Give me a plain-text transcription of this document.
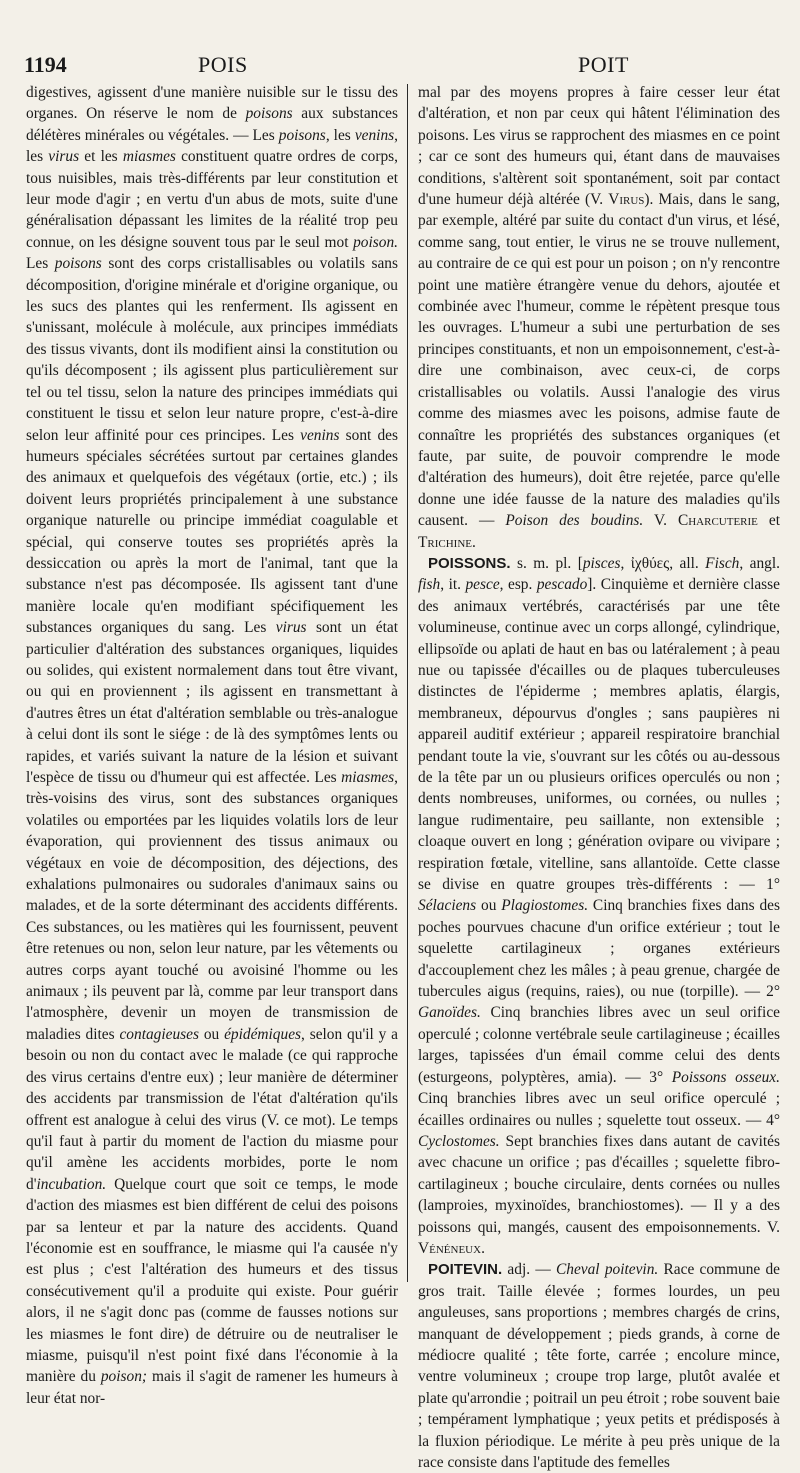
1194	POIS	POIT

digestives, agissent d'une manière nuisible sur le tissu des organes. On réserve le nom de poisons aux substances délétères minérales ou végétales. — Les poisons, les venins, les virus et les miasmes constituent quatre ordres de corps, tous nuisibles, mais très-différents par leur constitution et leur mode d'agir ; en vertu d'un abus de mots, suite d'une généralisation dépassant les limites de la réalité trop peu connue, on les désigne souvent tous par le seul mot poison. Les poisons sont des corps cristallisables ou volatils sans décomposition, d'origine minérale et d'origine organique, ou les sucs des plantes qui les renferment. Ils agissent en s'unissant, molécule à molécule, aux principes immédiats des tissus vivants, dont ils modifient ainsi la constitution ou qu'ils décomposent ; ils agissent plus particulièrement sur tel ou tel tissu, selon la nature des principes immédiats qui constituent le tissu et selon leur nature propre, c'est-à-dire selon leur affinité pour ces principes. Les venins sont des humeurs spéciales sécrétées surtout par certaines glandes des animaux et quelquefois des végétaux (ortie, etc.) ; ils doivent leurs propriétés principalement à une substance organique naturelle ou principe immédiat coagulable et spécial, qui conserve toutes ses propriétés après la dessiccation ou après la mort de l'animal, tant que la substance n'est pas décomposée. Ils agissent tant d'une manière locale qu'en modifiant spécifiquement les substances organiques du sang. Les virus sont un état particulier d'altération des substances organiques, liquides ou solides, qui existent normalement dans tout être vivant, ou qui en proviennent ; ils agissent en transmettant à d'autres êtres un état d'altération semblable ou très-analogue à celui dont ils sont le siége : de là des symptômes lents ou rapides, et variés suivant la nature de la lésion et suivant l'espèce de tissu ou d'humeur qui est affectée. Les miasmes, très-voisins des virus, sont des substances organiques volatiles ou emportées par les liquides volatils lors de leur évaporation, qui proviennent des tissus animaux ou végétaux en voie de décomposition, des déjections, des exhalations pulmonaires ou sudorales d'animaux sains ou malades, et de la sorte déterminant des accidents différents. Ces substances, ou les matières qui les fournissent, peuvent être retenues ou non, selon leur nature, par les vêtements ou autres corps ayant touché ou avoisiné l'homme ou les animaux ; ils peuvent par là, comme par leur transport dans l'atmosphère, devenir un moyen de transmission de maladies dites contagieuses ou épidémiques, selon qu'il y a besoin ou non du contact avec le malade (ce qui rapproche des virus certains d'entre eux) ; leur manière de déterminer des accidents par transmission de l'état d'altération qu'ils offrent est analogue à celui des virus (V. ce mot). Le temps qu'il faut à partir du moment de l'action du miasme pour qu'il amène les accidents morbides, porte le nom d'incubation. Quelque court que soit ce temps, le mode d'action des miasmes est bien différent de celui des poisons par sa lenteur et par la nature des accidents. Quand l'économie est en souffrance, le miasme qui l'a causée n'y est plus ; c'est l'altération des humeurs et des tissus consécutivement qu'il a produite qui existe. Pour guérir alors, il ne s'agit donc pas (comme de fausses notions sur les miasmes le font dire) de détruire ou de neutraliser le miasme, puisqu'il n'est point fixé dans l'économie à la manière du poison; mais il s'agit de ramener les humeurs à leur état nor-

mal par des moyens propres à faire cesser leur état d'altération, et non par ceux qui hâtent l'élimination des poisons. Les virus se rapprochent des miasmes en ce point ; car ce sont des humeurs qui, étant dans de mauvaises conditions, s'altèrent soit spontanément, soit par contact d'une humeur déjà altérée (V. Virus). Mais, dans le sang, par exemple, altéré par suite du contact d'un virus, et lésé, comme sang, tout entier, le virus ne se trouve nullement, au contraire de ce qui est pour un poison ; on n'y rencontre point une matière étrangère venue du dehors, ajoutée et combinée avec l'humeur, comme le répètent presque tous les ouvrages. L'humeur a subi une perturbation de ses principes constituants, et non un empoisonnement, c'est-à-dire une combinaison, avec ceux-ci, de corps cristallisables ou volatils. Aussi l'analogie des virus comme des miasmes avec les poisons, admise faute de connaître les propriétés des substances organiques (et faute, par suite, de pouvoir comprendre le mode d'altération des humeurs), doit être rejetée, parce qu'elle donne une idée fausse de la nature des maladies qu'ils causent. — Poison des boudins. V. Charcuterie et Trichine.

POISSONS. s. m. pl. [pisces, ἰχθύες, all. Fisch, angl. fish, it. pesce, esp. pescado]. Cinquième et dernière classe des animaux vertébrés, caractérisés par une tête volumineuse, continue avec un corps allongé, cylindrique, ellipsoïde ou aplati de haut en bas ou latéralement ; à peau nue ou tapissée d'écailles ou de plaques tuberculeuses distinctes de l'épiderme ; membres aplatis, élargis, membraneux, dépourvus d'ongles ; sans paupières ni appareil auditif extérieur ; appareil respiratoire branchial pendant toute la vie, s'ouvrant sur les côtés ou au-dessous de la tête par un ou plusieurs orifices operculés ou non ; dents nombreuses, uniformes, ou cornées, ou nulles ; langue rudimentaire, peu saillante, non extensible ; cloaque ouvert en long ; génération ovipare ou vivipare ; respiration fœtale, vitelline, sans allantoïde. Cette classe se divise en quatre groupes très-différents : — 1° Sélaciens ou Plagiostomes. Cinq branchies fixes dans des poches pourvues chacune d'un orifice extérieur ; tout le squelette cartilagineux ; organes extérieurs d'accouplement chez les mâles ; à peau grenue, chargée de tubercules aigus (requins, raies), ou nue (torpille). — 2° Ganoïdes. Cinq branchies libres avec un seul orifice operculé ; colonne vertébrale seule cartilagineuse ; écailles larges, tapissées d'un émail comme celui des dents (esturgeons, polyptères, amia). — 3° Poissons osseux. Cinq branchies libres avec un seul orifice operculé ; écailles ordinaires ou nulles ; squelette tout osseux. — 4° Cyclostomes. Sept branchies fixes dans autant de cavités avec chacune un orifice ; pas d'écailles ; squelette fibro-cartilagineux ; bouche circulaire, dents cornées ou nulles (lamproies, myxinoïdes, branchiostomes). — Il y a des poissons qui, mangés, causent des empoisonnements. V. Vénéneux.

POITEVIN. adj. — Cheval poitevin. Race commune de gros trait. Taille élevée ; formes lourdes, un peu anguleuses, sans proportions ; membres chargés de crins, manquant de développement ; pieds grands, à corne de médiocre qualité ; tête forte, carrée ; encolure mince, ventre volumineux ; croupe trop large, plutôt avalée et plate qu'arrondie ; poitrail un peu étroit ; robe souvent baie ; tempérament lymphatique ; yeux petits et prédisposés à la fluxion périodique. Le mérite à peu près unique de la race consiste dans l'aptitude des femelles
